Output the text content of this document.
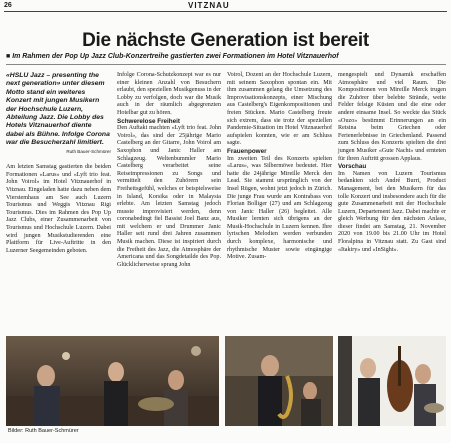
26	VITZNAU
Die nächste Generation ist bereit
■ Im Rahmen der Pop Up Jazz Club-Konzertreihe gastierten zwei Formationen im Hotel Vitznauerhof

«HSLU Jazz – presenting the next generation» unter diesem Motto stand ein weiteres Konzert mit jungen Musikern der Hochschule Luzern, Abteilung Jazz. Die Lobby des Hotels Vitznauerhof diente dabei als Bühne. Infolge Corona war die Besucherzahl limitiert.

Ruth Bauer-Schmürer

Am letzten Samstag gastierten die beiden Formationen «Larus» und «Lyft trio feat. John Voirol» im Hotel Vitznauerhof in Vitznau. Eingeladen hatte dazu neben dem Vierstemhaus am See auch Luzern Tourismus und Weggis Vitznau Rigi Tourismus. Dies im Rahmen des Pop Up Jazz Clubs, einer Zusammenarbeit von Tourismus und Hochschule Luzern. Dabei wird jungen Musikstudierenden eine Plattform für Live-Auftritte in den Luzerner Seegemeinden geboten.

Infolge Corona-Schutzkonzept war es nur einer kleinen Anzahl von Besuchern erlaubt, den speziellen Musikgenuss in der Lobby zu verfolgen, doch war die Musik auch in der räumlich abgegrenzten Hotelbar gut zu hören.

Schwerelose Freiheit

Den Auftakt machten «Lyft trio feat. John Voirol», das sind der 25jährige Mario Castelberg an der Gitarre, John Voirol am Saxophon und Janic Haller am Schlagzeug. Weltenbummler Mario Castelberg verarbeitet seine Reiseimpressionen zu Songs und vermittelt den Zuhörern sein Freiheitsgefühl, welches er beispielsweise in Island, Korsika oder in Malaysia erlebte. Am letzten Samstag jedoch musste improvisiert werden, denn coronabedingt fiel Bassist Joel Banz aus, mit welchem er und Drummer Janic Haller seit rund drei Jahren zusammen Musik machen. Diese ist inspiriert durch die Freiheit des Jazz, die Atmosphäre der Americana und das Songdetailde des Pop. Glücklicherweise sprang John

Voirol, Dozent an der Hochschule Luzern, mit seinem Saxophon spontan ein. Mit ihm zusammen gelang die Umsetzung des Improvisationskonzepts, einer Mischung aus Castelberg's Eigenkompositionen und freien Stücken. Mario Castelberg freute sich extrem, dass sie trotz der speziellen Pandemie-Situation im Hotel Vitznauerhof aufspielen konnten, wie er am Schluss sagte.

Frauenpower

Im zweiten Teil des Konzerts spielten «Larus», was Silbermöwe bedeutet. Hier hatte die 24jährige Mireille Merck den Lead. Sie stammt ursprünglich von der Insel Rügen, wohnt jetzt jedoch in Zürich. Die junge Frau wurde am Kontrabass von Florian Bolliger (27) und am Schlagzeug von Janic Haller (26) begleitet. Alle Musiker lernten sich übrigens an der Musik-Hochschule in Luzern kennen. Ihre lyrischen Melodien werden verbunden durch komplexe, harmonische und rhythmische Muster sowie eingängige Motive. Zusam-

mengespielt und Dynamik erschaffen Atmosphäre und viel Raum. Die Kompositionen von Mireille Merck trugen die Zuhörer über belebte Strände, weite Felder felsige Küsten und die eine oder andere einsame Insel. So weckte das Stück «Ouzo» bestimmt Erinnerungen an ein Retsina beim Griechen oder Ferienerlebnisse in Griechenland. Passend zum Schluss des Konzerts spielten die drei jungen Musiker «Gute Nacht» und ernteten für ihren Auftritt grossen Applaus.

Vorschau

Im Namen von Luzern Tourismus bedankten sich André Burri, Product Management, bei den Musikern für das tolle Konzert und insbesondere auch für die gute Zusammenarbeit mit der Hochschule Luzern, Departement Jazz. Dabei machte er gleich Werbung für den nächsten Anlass, dieser findet am Samstag, 21. November 2020 von 19.00 bis 21.00 Uhr im Hotel Floralpina in Vitznau statt. Zu Gast sind «Itakiry» und «InSight».

Bilder: Ruth Bauer-Schmürer
